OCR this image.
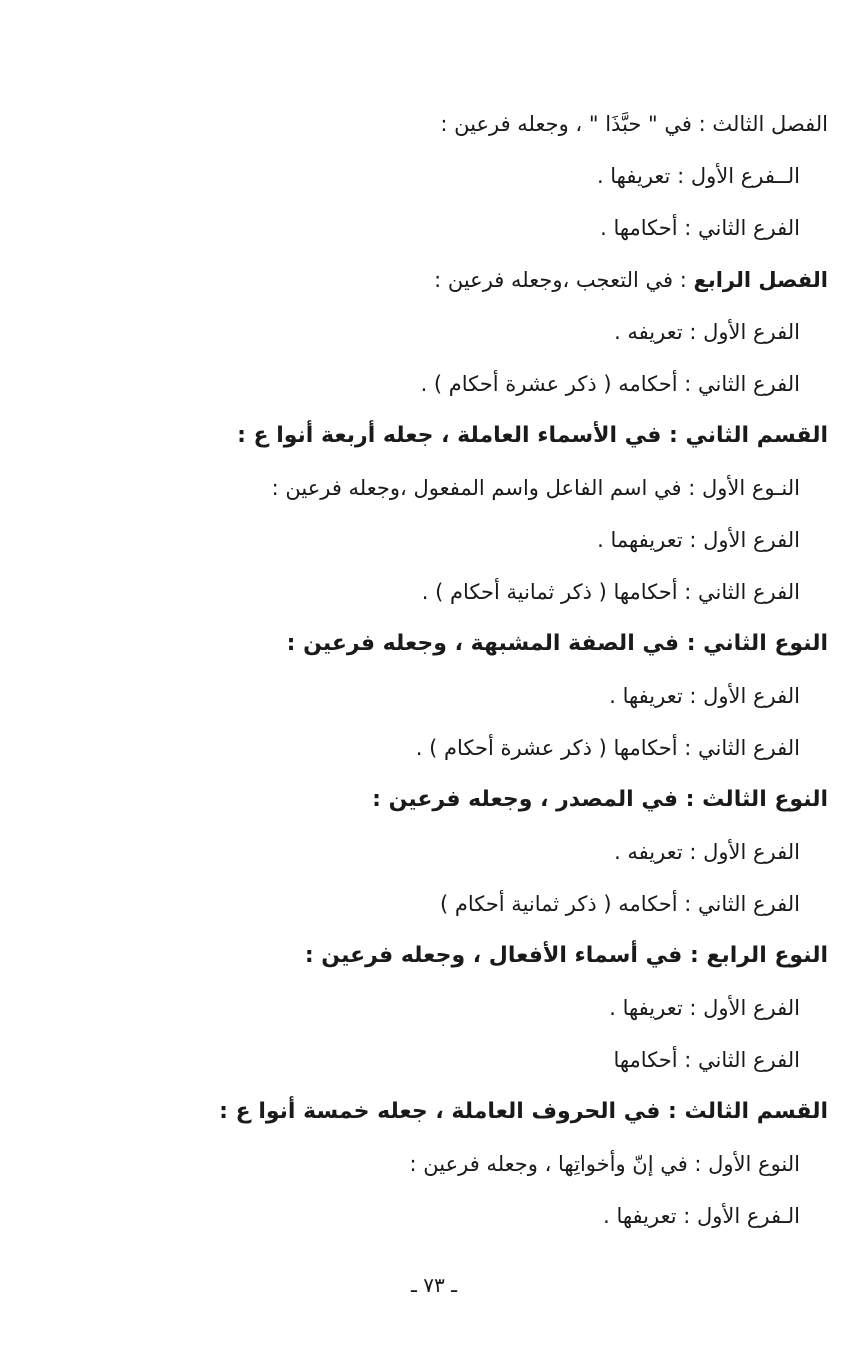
الفصل الثالث : في " حبَّذَا " ، وجعله فرعين :
الــفرع الأول : تعريفها .
الفرع الثاني : أحكامها .
الفصل الرابع : في التعجب ،وجعله فرعين :
الفرع الأول : تعريفه .
الفرع الثاني : أحكامه ( ذكر عشرة أحكام ) .
القسم الثاني : في الأسماء العاملة ، جعله أربعة أنوا ع :
النـوع الأول : في اسم الفاعل واسم المفعول ،وجعله فرعين :
الفرع الأول : تعريفهما .
الفرع الثاني : أحكامها ( ذكر ثمانية أحكام ) .
النوع الثاني : في الصفة المشبهة ، وجعله فرعين :
الفرع الأول : تعريفها .
الفرع الثاني : أحكامها ( ذكر عشرة أحكام ) .
النوع الثالث : في المصدر ، وجعله فرعين :
الفرع الأول : تعريفه .
الفرع الثاني : أحكامه ( ذكر ثمانية أحكام )
النوع الرابع : في أسماء الأفعال ، وجعله فرعين :
الفرع الأول : تعريفها .
الفرع الثاني : أحكامها
القسم الثالث : في الحروف العاملة ، جعله خمسة أنوا ع :
النوع الأول : في إنّ وأخواتِها ، وجعله فرعين :
الـفرع الأول : تعريفها .
ـ ٧٣ ـ
